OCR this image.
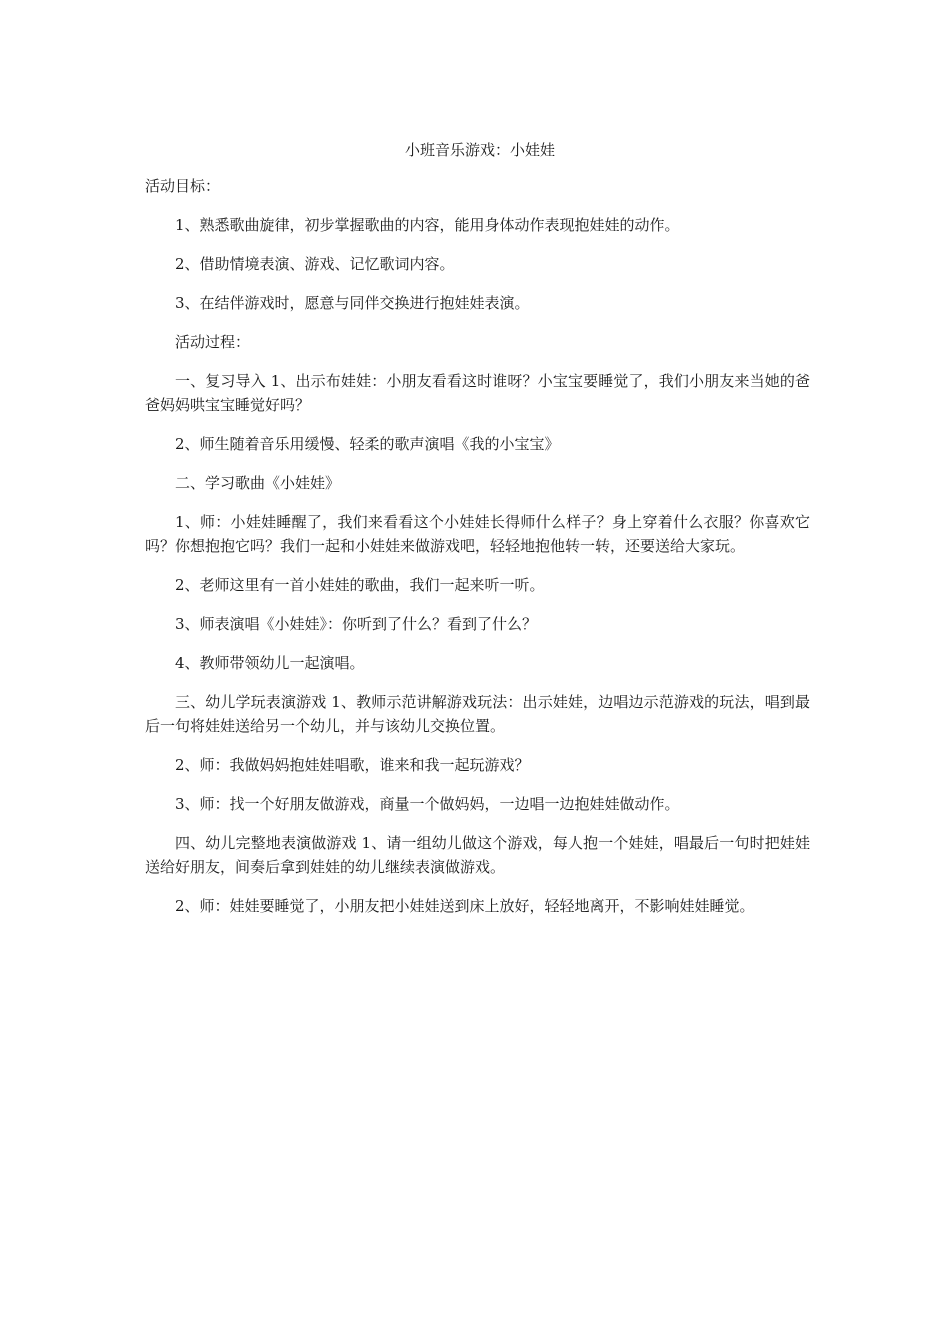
小班音乐游戏：小娃娃

活动目标：

1、熟悉歌曲旋律，初步掌握歌曲的内容，能用身体动作表现抱娃娃的动作。

2、借助情境表演、游戏、记忆歌词内容。

3、在结伴游戏时，愿意与同伴交换进行抱娃娃表演。

活动过程：

一、复习导入 1、出示布娃娃：小朋友看看这时谁呀？小宝宝要睡觉了，我们小朋友来当她的爸爸妈妈哄宝宝睡觉好吗？

2、师生随着音乐用缓慢、轻柔的歌声演唱《我的小宝宝》

二、学习歌曲《小娃娃》

1、师：小娃娃睡醒了，我们来看看这个小娃娃长得师什么样子？身上穿着什么衣服？你喜欢它吗？你想抱抱它吗？我们一起和小娃娃来做游戏吧，轻轻地抱他转一转，还要送给大家玩。

2、老师这里有一首小娃娃的歌曲，我们一起来听一听。

3、师表演唱《小娃娃》：你听到了什么？看到了什么？

4、教师带领幼儿一起演唱。

三、幼儿学玩表演游戏 1、教师示范讲解游戏玩法：出示娃娃，边唱边示范游戏的玩法，唱到最后一句将娃娃送给另一个幼儿，并与该幼儿交换位置。

2、师：我做妈妈抱娃娃唱歌，谁来和我一起玩游戏？

3、师：找一个好朋友做游戏，商量一个做妈妈，一边唱一边抱娃娃做动作。

四、幼儿完整地表演做游戏 1、请一组幼儿做这个游戏，每人抱一个娃娃，唱最后一句时把娃娃送给好朋友，间奏后拿到娃娃的幼儿继续表演做游戏。

2、师：娃娃要睡觉了，小朋友把小娃娃送到床上放好，轻轻地离开，不影响娃娃睡觉。
